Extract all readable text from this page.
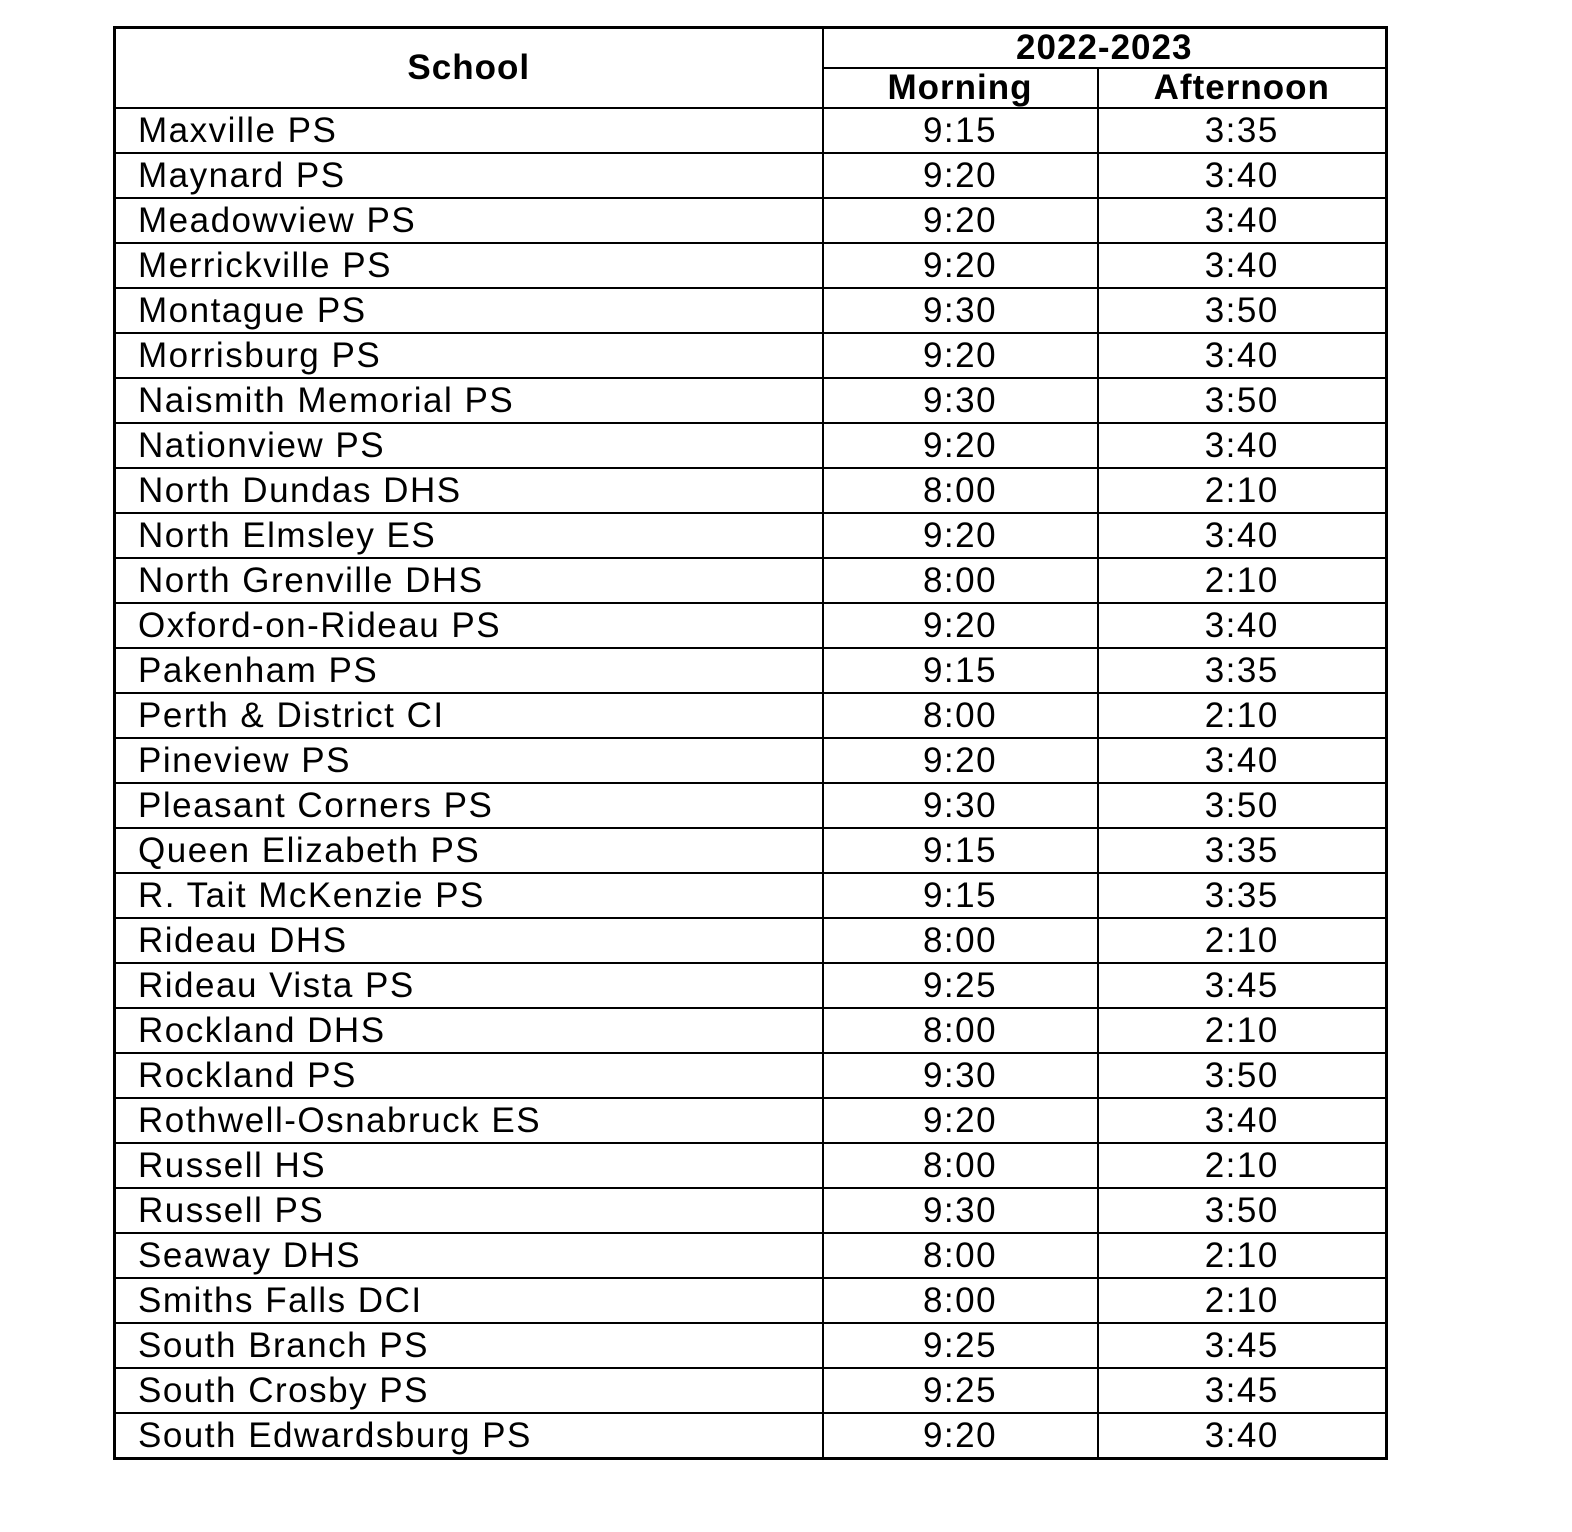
School	2022-2023	
	Morning	Afternoon
Maxville PS	9:15	3:35
Maynard PS	9:20	3:40
Meadowview PS	9:20	3:40
Merrickville PS	9:20	3:40
Montague PS	9:30	3:50
Morrisburg PS	9:20	3:40
Naismith Memorial PS	9:30	3:50
Nationview PS	9:20	3:40
North Dundas DHS	8:00	2:10
North Elmsley ES	9:20	3:40
North Grenville DHS	8:00	2:10
Oxford-on-Rideau PS	9:20	3:40
Pakenham PS	9:15	3:35
Perth & District CI	8:00	2:10
Pineview PS	9:20	3:40
Pleasant Corners PS	9:30	3:50
Queen Elizabeth PS	9:15	3:35
R. Tait McKenzie PS	9:15	3:35
Rideau DHS	8:00	2:10
Rideau Vista PS	9:25	3:45
Rockland DHS	8:00	2:10
Rockland PS	9:30	3:50
Rothwell-Osnabruck ES	9:20	3:40
Russell HS	8:00	2:10
Russell PS	9:30	3:50
Seaway DHS	8:00	2:10
Smiths Falls DCI	8:00	2:10
South Branch PS	9:25	3:45
South Crosby PS	9:25	3:45
South Edwardsburg PS	9:20	3:40
